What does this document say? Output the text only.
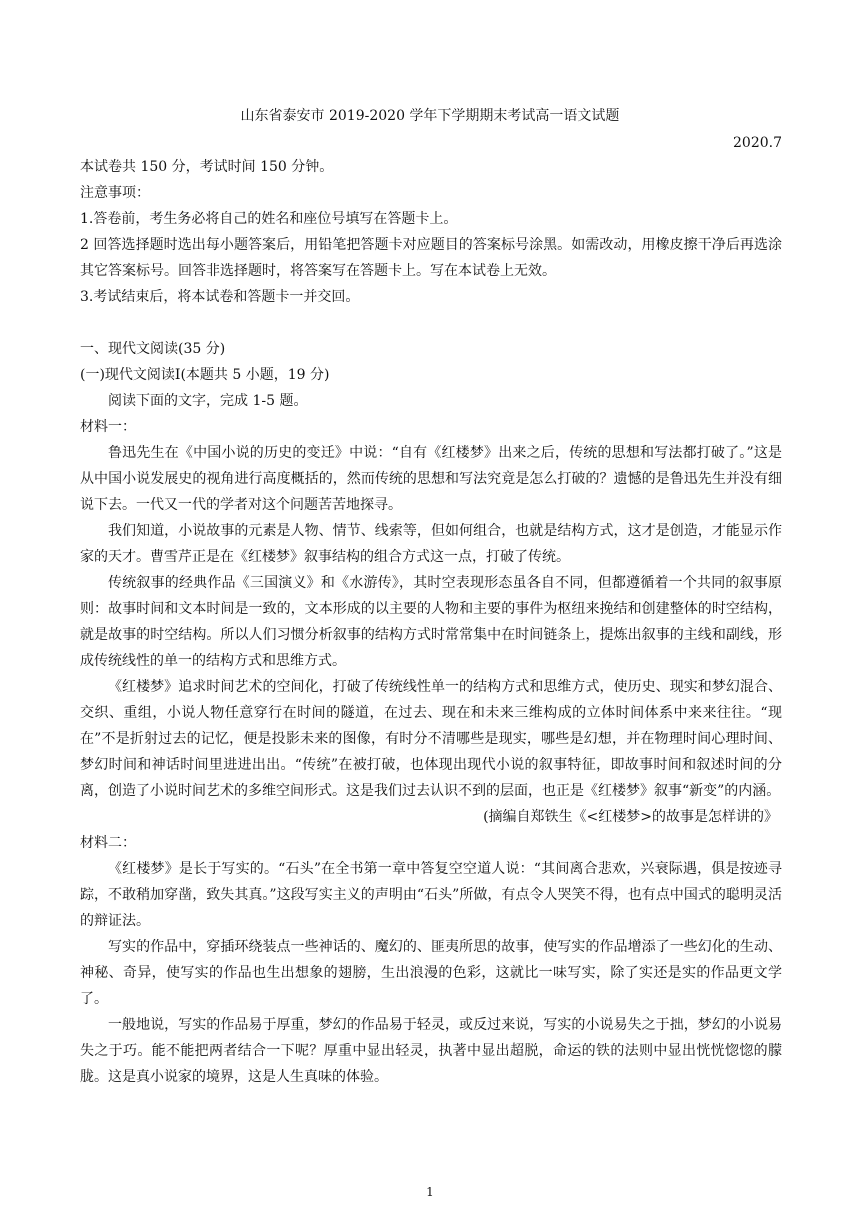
山东省泰安市 2019-2020 学年下学期期末考试高一语文试题
2020.7
本试卷共 150 分，考试时间 150 分钟。
注意事项：
1.答卷前，考生务必将自己的姓名和座位号填写在答题卡上。

2 回答选择题时选出每小题答案后，用铅笔把答题卡对应题目的答案标号涂黑。如需改动，用橡皮擦干净后再选涂其它答案标号。回答非选择题时，将答案写在答题卡上。写在本试卷上无效。

3.考试结束后，将本试卷和答题卡一并交回。
一、现代文阅读(35 分)
(一)现代文阅读Ⅰ(本题共 5 小题，19 分)

阅读下面的文字，完成 1-5 题。

材料一：

鲁迅先生在《中国小说的历史的变迁》中说：“自有《红楼梦》出来之后，传统的思想和写法都打破了。”这是从中国小说发展史的视角进行高度概括的，然而传统的思想和写法究竟是怎么打破的？遗憾的是鲁迅先生并没有细说下去。一代又一代的学者对这个问题苦苦地探寻。

我们知道，小说故事的元素是人物、情节、线索等，但如何组合，也就是结构方式，这才是创造，才能显示作家的天才。曹雪芹正是在《红楼梦》叙事结构的组合方式这一点，打破了传统。

传统叙事的经典作品《三国演义》和《水游传》，其时空表现形态虽各自不同，但都遵循着一个共同的叙事原则：故事时间和文本时间是一致的，文本形成的以主要的人物和主要的事件为枢纽来挽结和创建整体的时空结构，就是故事的时空结构。所以人们习惯分析叙事的结构方式时常常集中在时间链条上，提炼出叙事的主线和副线，形成传统线性的单一的结构方式和思维方式。

《红楼梦》追求时间艺术的空间化，打破了传统线性单一的结构方式和思维方式，使历史、现实和梦幻混合、交织、重组，小说人物任意穿行在时间的隧道，在过去、现在和未来三维构成的立体时间体系中来来往往。“现在”不是折射过去的记忆，便是投影未来的图像，有时分不清哪些是现实，哪些是幻想，并在物理时间心理时间、梦幻时间和神话时间里进进出出。“传统”在被打破，也体现出现代小说的叙事特征，即故事时间和叙述时间的分离，创造了小说时间艺术的多维空间形式。这是我们过去认识不到的层面，也正是《红楼梦》叙事“新变”的内涵。

(摘编自郑铁生《<红楼梦>的故事是怎样讲的》
材料二：

《红楼梦》是长于写实的。“石头”在全书第一章中答复空空道人说：“其间离合悲欢，兴衰际遇，俱是按迹寻踪，不敢稍加穿凿，致失其真。”这段写实主义的声明由“石头”所做，有点令人哭笑不得，也有点中国式的聪明灵活的辩证法。

写实的作品中，穿插环绕装点一些神话的、魔幻的、匪夷所思的故事，使写实的作品增添了一些幻化的生动、神秘、奇异，使写实的作品也生出想象的翅膀，生出浪漫的色彩，这就比一味写实，除了实还是实的作品更文学了。

一般地说，写实的作品易于厚重，梦幻的作品易于轻灵，或反过来说，写实的小说易失之于拙，梦幻的小说易失之于巧。能不能把两者结合一下呢？厚重中显出轻灵，执著中显出超脱，命运的铁的法则中显出恍恍惚惚的朦胧。这是真小说家的境界，这是人生真味的体验。

1
